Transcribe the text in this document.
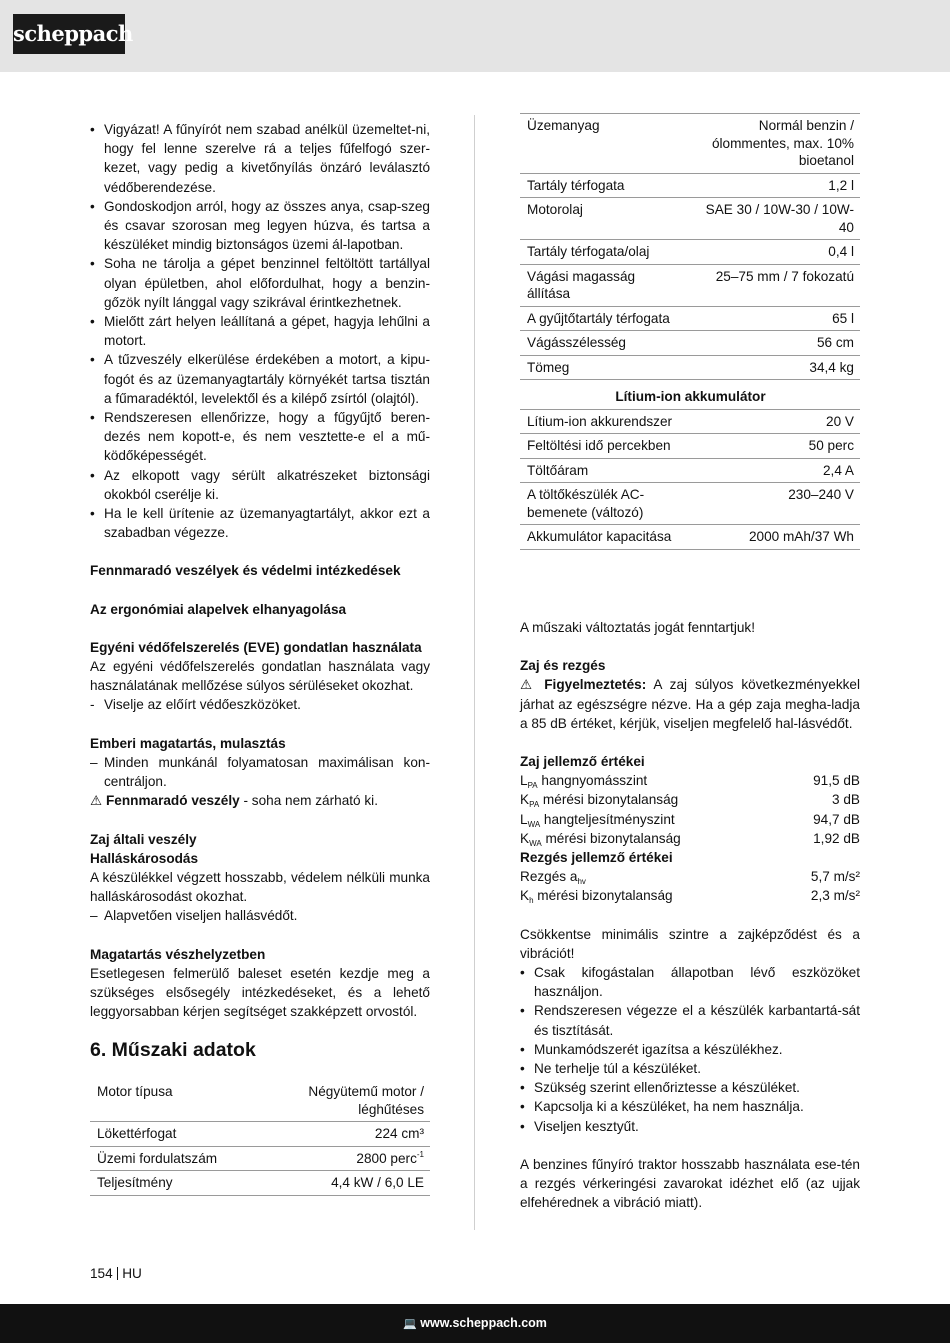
scheppach
• Vigyázat! A fűnyírót nem szabad anélkül üzemeltet-ni, hogy fel lenne szerelve rá a teljes fűfelfogó szer-kezet, vagy pedig a kivetőnyílás önzáró leválasztó védőberendezése.
• Gondoskodjon arról, hogy az összes anya, csap-szeg és csavar szorosan meg legyen húzva, és tartsa a készüléket mindig biztonságos üzemi ál-lapotban.
• Soha ne tárolja a gépet benzinnel feltöltött tartállyal olyan épületben, ahol előfordulhat, hogy a benzin-gőzök nyílt lánggal vagy szikrával érintkezhetnek.
• Mielőtt zárt helyen leállítaná a gépet, hagyja lehűlni a motort.
• A tűzveszély elkerülése érdekében a motort, a kipu-fogót és az üzemanyagtartály környékét tartsa tisztán a fűmaradéktól, levelektől és a kilépő zsírtól (olajtól).
• Rendszeresen ellenőrizze, hogy a fűgyűjtő beren-dezés nem kopott-e, és nem vesztette-e el a mű-ködőképességét.
• Az elkopott vagy sérült alkatrészeket biztonsági okokból cserélje ki.
• Ha le kell ürítenie az üzemanyagtartályt, akkor ezt a szabadban végezze.
Fennmaradó veszélyek és védelmi intézkedések
Az ergonómiai alapelvek elhanyagolása
Egyéni védőfelszerelés (EVE) gondatlan használata
Az egyéni védőfelszerelés gondatlan használata vagy használatának mellőzése súlyos sérüléseket okozhat.
- Viselje az előírt védőeszközöket.
Emberi magatartás, mulasztás
– Minden munkánál folyamatosan maximálisan kon-centráljon.
⚠ Fennmaradó veszély - soha nem zárható ki.
Zaj általi veszély
Halláskárosodás
A készülékkel végzett hosszabb, védelem nélküli munka halláskárosodást okozhat.
– Alapvetően viseljen hallásvédőt.
Magatartás vészhelyzetben
Esetlegesen felmerülő baleset esetén kezdje meg a szükséges elsősegély intézkedéseket, és a lehető leggyorsabban kérjen segítséget szakképzett orvostól.
6. Műszaki adatok
Motor típusa	Négyütemű motor / léghűtéses
Lökettérfogat	224 cm³
Üzemi fordulatszám	2800 perc$^{-1}$
Teljesítmény	4,4 kW / 6,0 LE
Üzemanyag	Normál benzin / ólommentes, max. 10% bioetanol
Tartály térfogata	1,2 l
Motorolaj	SAE 30 / 10W-30 / 10W-40
Tartály térfogata/olaj	0,4 l
Vágási magasság állítása	25–75 mm / 7 fokozatú
A gyűjtőtartály térfogata	65 l
Vágásszélesség	56 cm
Tömeg	34,4 kg
Lítium-ion akkumulátor	
Lítium-ion akkurendszer	20 V
Feltöltési idő percekben	50 perc
Töltőáram	2,4 A
A töltőkészülék AC-bemenete (változó)	230–240 V
Akkumulátor kapacitása	2000 mAh/37 Wh
A műszaki változtatás jogát fenntartjuk!
Zaj és rezgés
⚠ Figyelmeztetés: A zaj súlyos következményekkel járhat az egészségre nézve. Ha a gép zaja megha-ladja a 85 dB értéket, kérjük, viseljen megfelelő hal-lásvédőt.
Zaj jellemző értékei
$L_{PA}$ hangnyomásszint	91,5 dB
$K_{PA}$ mérési bizonytalanság	3 dB
$L_{WA}$ hangteljesítményszint	94,7 dB
$K_{WA}$ mérési bizonytalanság	1,92 dB
Rezgés jellemző értékei
Rezgés $a_{hv}$	5,7 m/s²
$K_h$ mérési bizonytalanság	2,3 m/s²
Csökkentse minimális szintre a zajképződést és a vibrációt!
• Csak kifogástalan állapotban lévő eszközöket használjon.
• Rendszeresen végezze el a készülék karbantartá-sát és tisztítását.
• Munkamódszerét igazítsa a készülékhez.
• Ne terhelje túl a készüléket.
• Szükség szerint ellenőriztesse a készüléket.
• Kapcsolja ki a készüléket, ha nem használja.
• Viseljen kesztyűt.
A benzines fűnyíró traktor hosszabb használata ese-tén a rezgés vérkeringési zavarokat idézhet elő (az ujjak elfehérednek a vibráció miatt).
154 HU
💻 www.scheppach.com
